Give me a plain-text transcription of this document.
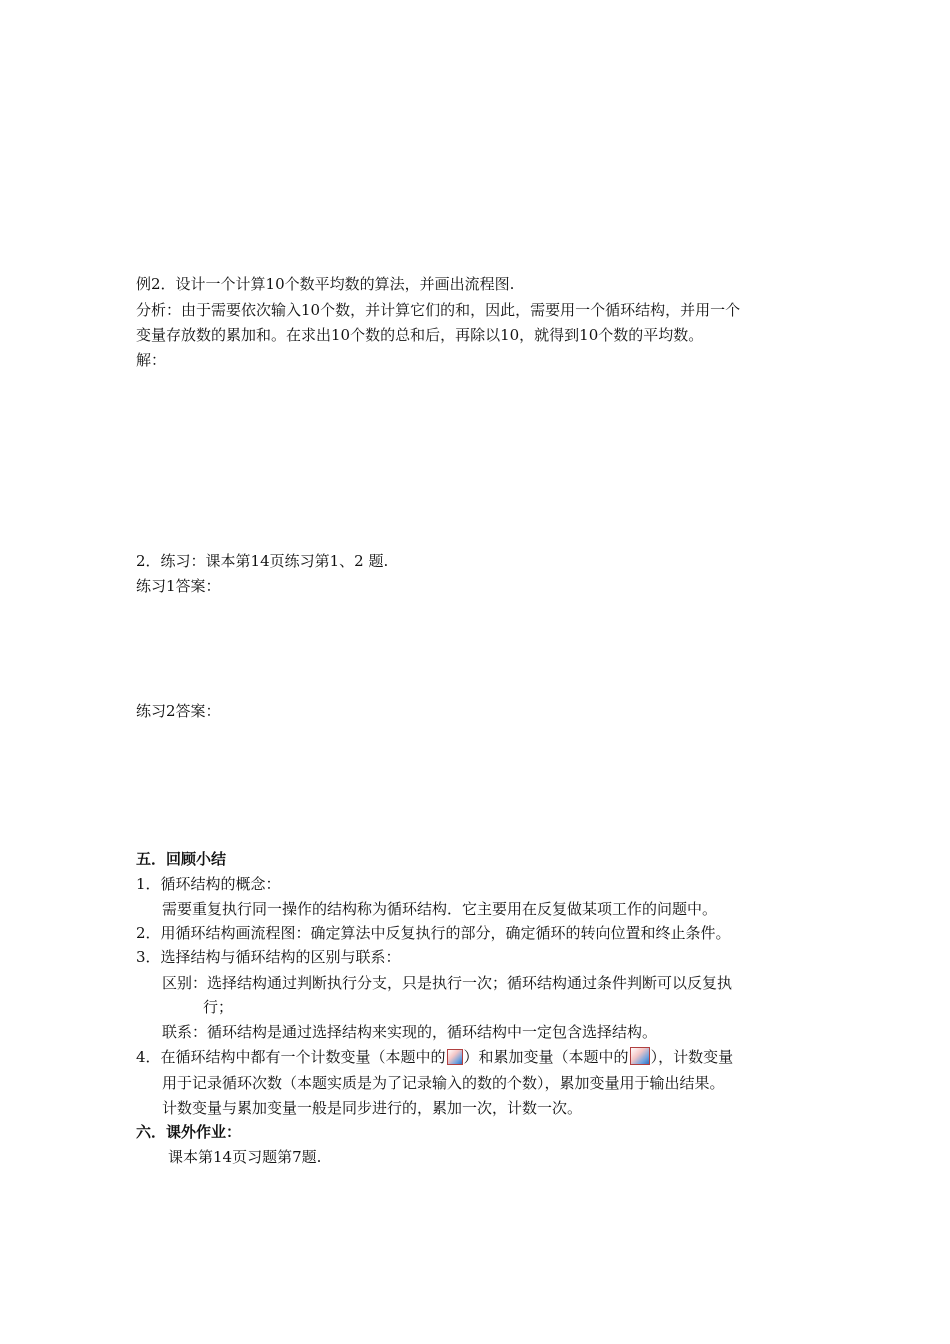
例2．设计一个计算10个数平均数的算法，并画出流程图.
分析：由于需要依次输入10个数，并计算它们的和，因此，需要用一个循环结构，并用一个
变量存放数的累加和。在求出10个数的总和后，再除以10，就得到10个数的平均数。
解：
2．练习：课本第14页练习第1、2 题.
练习1答案：
练习2答案：
五．回顾小结
1．循环结构的概念：
需要重复执行同一操作的结构称为循环结构．它主要用在反复做某项工作的问题中。
2．用循环结构画流程图：确定算法中反复执行的部分，确定循环的转向位置和终止条件。
3．选择结构与循环结构的区别与联系：
区别：选择结构通过判断执行分支，只是执行一次；循环结构通过条件判断可以反复执
行；
联系：循环结构是通过选择结构来实现的，循环结构中一定包含选择结构。
4．在循环结构中都有一个计数变量（本题中的 ）和累加变量（本题中的 ），计数变量
用于记录循环次数（本题实质是为了记录输入的数的个数），累加变量用于输出结果。
计数变量与累加变量一般是同步进行的，累加一次，计数一次。
六．课外作业：
课本第14页习题第7题.
